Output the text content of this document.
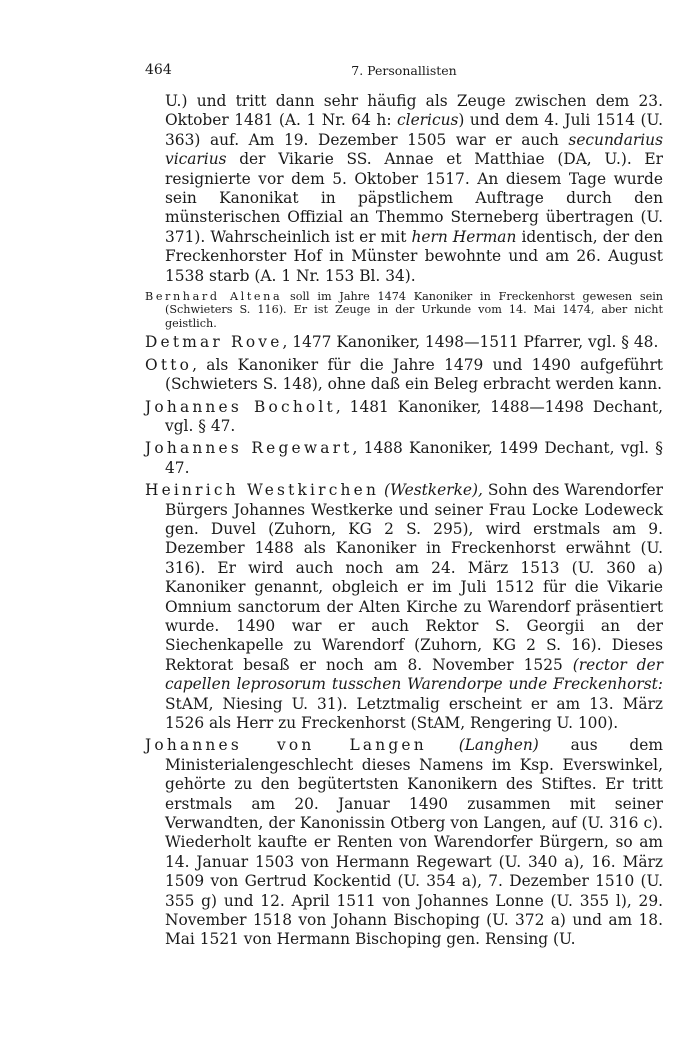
464	7. Personallisten

U.) und tritt dann sehr häufig als Zeuge zwischen dem 23. Oktober 1481 (A. 1 Nr. 64 h: clericus) und dem 4. Juli 1514 (U. 363) auf. Am 19. Dezember 1505 war er auch secundarius vicarius der Vikarie SS. Annae et Matthiae (DA, U.). Er resignierte vor dem 5. Oktober 1517. An diesem Tage wurde sein Kanonikat in päpstlichem Auftrage durch den münsterischen Offizial an Themmo Sterneberg übertragen (U. 371). Wahrscheinlich ist er mit hern Herman identisch, der den Freckenhorster Hof in Münster bewohnte und am 26. August 1538 starb (A. 1 Nr. 153 Bl. 34).

Bernhard Altena soll im Jahre 1474 Kanoniker in Freckenhorst gewesen sein (Schwieters S. 116). Er ist Zeuge in der Urkunde vom 14. Mai 1474, aber nicht geistlich.

Detmar Rove, 1477 Kanoniker, 1498—1511 Pfarrer, vgl. § 48.

Otto, als Kanoniker für die Jahre 1479 und 1490 aufgeführt (Schwieters S. 148), ohne daß ein Beleg erbracht werden kann.

Johannes Bocholt, 1481 Kanoniker, 1488—1498 Dechant, vgl. § 47.

Johannes Regewart, 1488 Kanoniker, 1499 Dechant, vgl. § 47.

Heinrich Westkirchen (Westkerke), Sohn des Warendorfer Bürgers Johannes Westkerke und seiner Frau Locke Lodeweck gen. Duvel (Zuhorn, KG 2 S. 295), wird erstmals am 9. Dezember 1488 als Kanoniker in Freckenhorst erwähnt (U. 316). Er wird auch noch am 24. März 1513 (U. 360 a) Kanoniker genannt, obgleich er im Juli 1512 für die Vikarie Omnium sanctorum der Alten Kirche zu Warendorf präsentiert wurde. 1490 war er auch Rektor S. Georgii an der Siechenkapelle zu Warendorf (Zuhorn, KG 2 S. 16). Dieses Rektorat besaß er noch am 8. November 1525 (rector der capellen leprosorum tusschen Warendorpe unde Freckenhorst: StAM, Niesing U. 31). Letztmalig erscheint er am 13. März 1526 als Herr zu Freckenhorst (StAM, Rengering U. 100).

Johannes von Langen (Langhen) aus dem Ministerialengeschlecht dieses Namens im Ksp. Everswinkel, gehörte zu den begütertsten Kanonikern des Stiftes. Er tritt erstmals am 20. Januar 1490 zusammen mit seiner Verwandten, der Kanonissin Otberg von Langen, auf (U. 316 c). Wiederholt kaufte er Renten von Warendorfer Bürgern, so am 14. Januar 1503 von Hermann Regewart (U. 340 a), 16. März 1509 von Gertrud Kockentid (U. 354 a), 7. Dezember 1510 (U. 355 g) und 12. April 1511 von Johannes Lonne (U. 355 l), 29. November 1518 von Johann Bischoping (U. 372 a) und am 18. Mai 1521 von Hermann Bischoping gen. Rensing (U.
